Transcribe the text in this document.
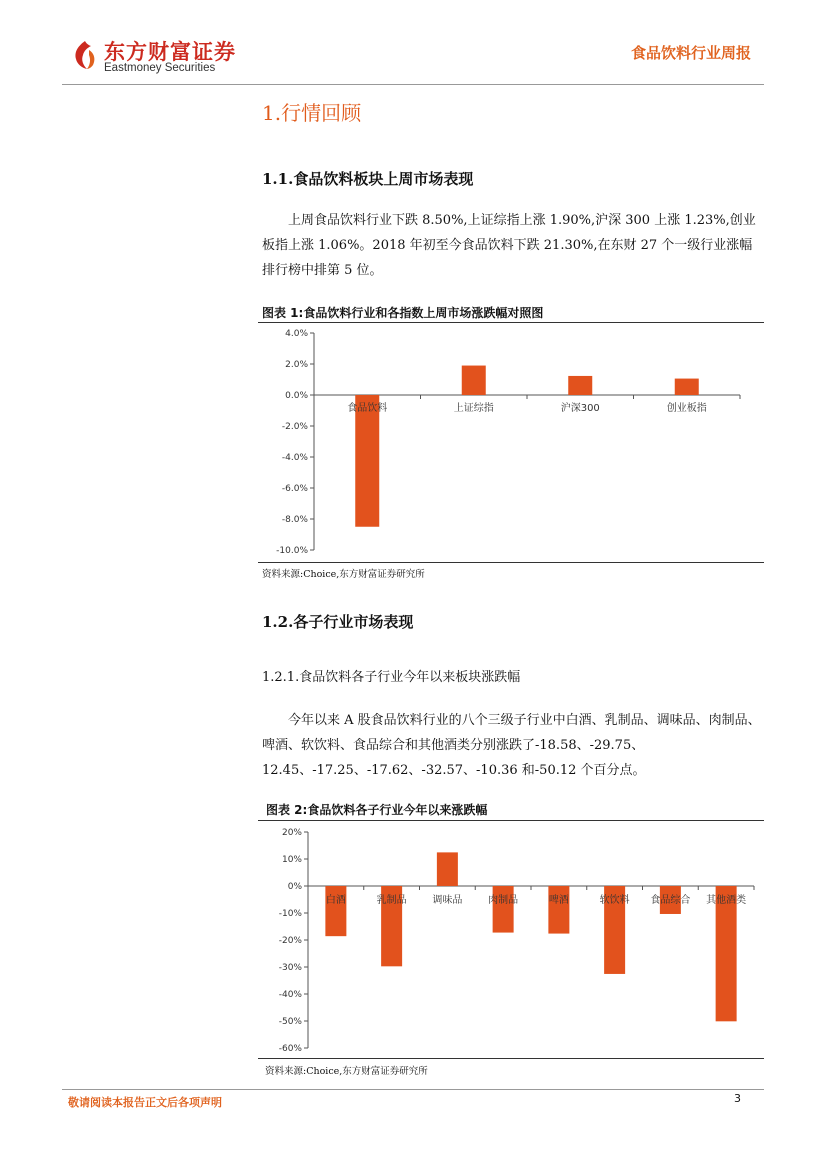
东方财富证券
Eastmoney Securities
食品饮料行业周报
1.行情回顾
1.1.食品饮料板块上周市场表现
上周食品饮料行业下跌 8.50%,上证综指上涨 1.90%,沪深 300 上涨 1.23%,创业板指上涨 1.06%。2018 年初至今食品饮料下跌 21.30%,在东财 27 个一级行业涨幅排行榜中排第 5 位。
图表 1:食品饮料行业和各指数上周市场涨跌幅对照图
4.0%
2.0%
0.0%
-2.0%
-4.0%
-6.0%
-8.0%
-10.0%
食品饮料	上证综指	沪深300	创业板指
资料来源:Choice,东方财富证券研究所
1.2.各子行业市场表现
1.2.1.食品饮料各子行业今年以来板块涨跌幅
今年以来 A 股食品饮料行业的八个三级子行业中白酒、乳制品、调味品、肉制品、啤酒、软饮料、食品综合和其他酒类分别涨跌了-18.58、-29.75、12.45、-17.25、-17.62、-32.57、-10.36 和-50.12 个百分点。
图表 2:食品饮料各子行业今年以来涨跌幅
20%
10%
0%
-10%
-20%
-30%
-40%
-50%
-60%
白酒	乳制品	调味品	肉制品	啤酒	软饮料 食品综合 其他酒类
资料来源:Choice,东方财富证券研究所
敬请阅读本报告正文后各项声明	3
